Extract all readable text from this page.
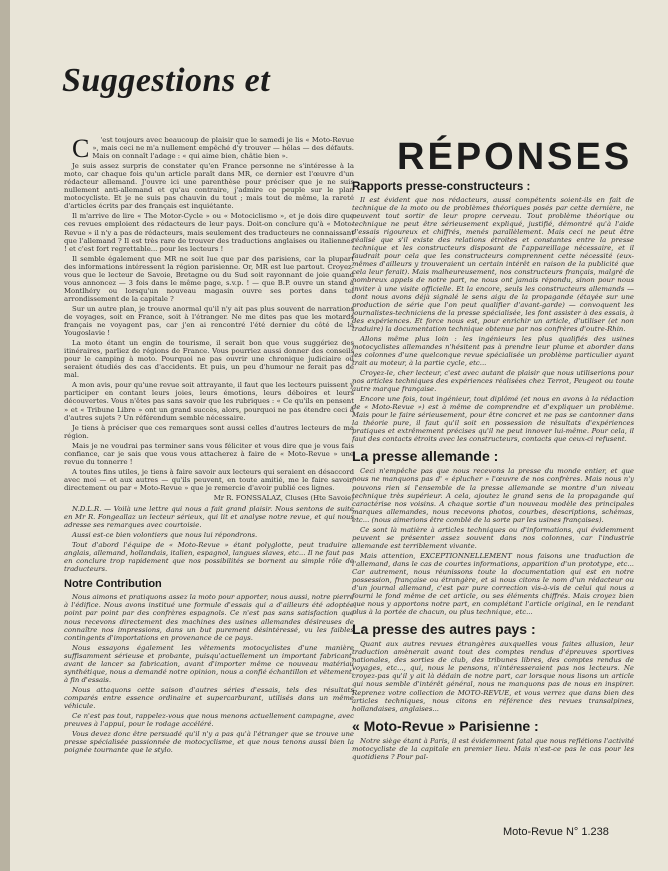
Suggestions et
RÉPONSES

C	'est toujours avec beaucoup de plaisir que le samedi je lis « Moto-Revue », mais ceci ne m'a nullement empêché d'y trouver — hélas — des défauts. Mais on connaît l'adage : « qui aime bien, châtie bien ».

Je suis assez surpris de constater qu'en France personne ne s'intéresse à la moto, car chaque fois qu'un article paraît dans MR, ce dernier est l'œuvre d'un rédacteur allemand. J'ouvre ici une parenthèse pour préciser que je ne suis nullement anti-allemand et qu'au contraire, j'admire ce peuple sur le plan motocycliste. Et je ne suis pas chauvin du tout ; mais tout de même, la rareté d'articles écrits par des français est inquiétante.

Il m'arrive de lire « The Motor-Cycle » ou « Motociclismo », et je dois dire que ces revues emploient des rédacteurs de leur pays. Doit-on conclure qu'à « Moto-Revue » il n'y a pas de rédacteurs, mais seulement des traducteurs ne connaissant que l'allemand ? Il est très rare de trouver des traductions anglaises ou italiennes ! et c'est fort regrettable... pour les lecteurs !

Il semble également que MR ne soit lue que par des parisiens, car la plupart des informations intéressent la région parisienne. Or, MR est lue partout. Croyez-vous que le lecteur de Savoie, Bretagne ou du Sud soit rayonnant de joie quand vous annoncez — 3 fois dans le même page, s.v.p. ! — que B.P. ouvre un stand à Montlhéry ou lorsqu'un nouveau magasin ouvre ses portes dans tel arrondissement de la capitale ?

Sur un autre plan, je trouve anormal qu'il n'y ait pas plus souvent de narrations de voyages, soit en France, soit à l'étranger. Ne me dites pas que les motards français ne voyagent pas, car j'en ai rencontré l'été dernier du côté de la Yougoslavie !

La moto étant un engin de tourisme, il serait bon que vous suggériez des itinéraires, parliez de régions de France. Vous pourriez aussi donner des conseils pour le camping à moto. Pourquoi ne pas ouvrir une chronique judiciaire où seraient étudiés des cas d'accidents. Et puis, un peu d'humour ne ferait pas de mal.

A mon avis, pour qu'une revue soit attrayante, il faut que les lecteurs puissent y participer en contant leurs joies, leurs émotions, leurs déboires et leurs découvertes. Vous n'êtes pas sans savoir que les rubriques : « Ce qu'ils en pensent » et « Tribune Libre » ont un grand succès, alors, pourquoi ne pas étendre ceci à d'autres sujets ? Un référendum semble nécessaire.

Je tiens à préciser que ces remarques sont aussi celles d'autres lecteurs de ma région.

Mais je ne voudrai pas terminer sans vous féliciter et vous dire que je vous fais confiance, car je sais que vous vous attacherez à faire de « Moto-Revue » une revue du tonnerre !

A toutes fins utiles, je tiens à faire savoir aux lecteurs qui seraient en désaccord avec moi — et aux autres — qu'ils peuvent, en toute amitié, me le faire savoir, directement ou par « Moto-Revue » que je remercie d'avoir publié ces lignes.

Mr R. FONSSALAZ, Cluses (Hte Savoie)

N.D.L.R. — Voilà une lettre qui nous a fait grand plaisir. Nous sentons de suite en Mr R. Fongeallaz un lecteur sérieux, qui lit et analyse notre revue, et qui nous adresse ses remarques avec courtoisie.

Aussi est-ce bien volontiers que nous lui répondrons.

Tout d'abord l'équipe de « Moto-Revue » étant polyglotte, peut traduire : anglais, allemand, hollandais, italien, espagnol, langues slaves, etc... Il ne faut pas en conclure trop rapidement que nos possibilités se bornent au simple rôle de traducteurs.

Notre Contribution

Nous aimons et pratiquons assez la moto pour apporter, nous aussi, notre pierre à l'édifice. Nous avons institué une formule d'essais qui a d'ailleurs été adoptée point par point par des confrères espagnols. Ce n'est pas sans satisfaction que nous recevons directement des machines des usines allemandes désireuses de connaître nos impressions, dans un but purement désintéressé, vu les faibles contingents d'importations en provenance de ce pays.

Nous essayons également les vêtements motocyclistes d'une manière suffisamment sérieuse et probante, puisqu'actuellement un important fabricant, avant de lancer sa fabrication, avant d'importer même ce nouveau matériau synthétique, nous a demandé notre opinion, nous a confié échantillon et vêtement, à fin d'essais.

Nous attaquons cette saison d'autres séries d'essais, tels des résultats comparés entre essence ordinaire et supercarburant, utilisés dans un même véhicule.

Ce n'est pas tout, rappelez-vous que nous menons actuellement campagne, avec preuves à l'appui, pour le rodage accéléré.

Vous devez donc être persuadé qu'il n'y a pas qu'à l'étranger que se trouve une presse spécialisée passionnée de motocyclisme, et que nous tenons aussi bien la poignée tournante que le stylo.

Rapports presse-constructeurs :

Il est évident que nos rédacteurs, aussi compétents soient-ils en fait de technique de la moto ou de problèmes théoriques posés par cette dernière, ne peuvent tout sortir de leur propre cerveau. Tout problème théorique ou technique ne peut être sérieusement expliqué, justifié, démontré qu'à l'aide d'essais rigoureux et chiffrés, menés parallèlement. Mais ceci ne peut être réalisé que s'il existe des relations étroites et constantes entre la presse technique et les constructeurs disposant de l'appareillage nécessaire, et il faudrait pour cela que les constructeurs comprennent cette nécessité (eux-mêmes d'ailleurs y trouveraient un certain intérêt en raison de la publicité que cela leur ferait). Mais malheureusement, nos constructeurs français, malgré de nombreux appels de notre part, ne nous ont jamais répondu, sinon pour nous inviter à une visite officielle. Et la encore, seuls les constructeurs allemands — dont nous avons déjà signalé le sens aigu de la propagande (étayée sur une production de série que l'on peut qualifier d'avant-garde) — convoquent les journalistes-techniciens de la presse spécialisée, les font assister à des essais, à des expériences. Et force nous est, pour enrichir un article, d'utiliser (et non traduire) la documentation technique obtenue par nos confrères d'outre-Rhin.

Allons même plus loin : les ingénieurs les plus qualifiés des usines motocyclistes allemandes n'hésitent pas à prendre leur plume et aborder dans les colonnes d'une quelconque revue spécialisée un problème particulier ayant trait au moteur, à la partie cycle, etc...

Croyez-le, cher lecteur, c'est avec autant de plaisir que nous utiliserions pour nos articles techniques des expériences réalisées chez Terrot, Peugeot ou toute autre marque française.

Encore une fois, tout ingénieur, tout diplômé (et nous en avons à la rédaction de « Moto-Revue ») est à même de comprendre et d'expliquer un problème. Mais pour le faire sérieusement, pour être concret et ne pas se cantonner dans la théorie pure, il faut qu'il soit en possession de résultats d'expériences pratiques et extrêmement précises qu'il ne peut innover lui-même. Pour cela, il faut des contacts étroits avec les constructeurs, contacts que ceux-ci refusent.

La presse allemande :

Ceci n'empêche pas que nous recevons la presse du monde entier, et que nous ne manquons pas d' « éplucher » l'œuvre de nos confrères. Mais nous n'y pouvons rien si l'ensemble de la presse allemande se montre d'un niveau technique très supérieur. A cela, ajoutez le grand sens de la propagande qui caractérise nos voisins. A chaque sortie d'un nouveau modèle des principales marques allemandes, nous recevons photos, courbes, descriptions, schémas, etc... (nous aimerions être comblé de la sorte par les usines françaises).

Ce sont là matière à articles techniques ou d'informations, qui évidemment peuvent se présenter assez souvent dans nos colonnes, car l'industrie allemande est terriblement vivante.

Mais attention, EXCEPTIONNELLEMENT nous faisons une traduction de l'allemand, dans le cas de courtes informations, apparition d'un prototype, etc... Car autrement, nous réunissons toute la documentation qui est en notre possession, française ou étrangère, et si nous citons le nom d'un rédacteur ou d'un journal allemand, c'est par pure correction vis-à-vis de celui qui nous a fourni le fond même de cet article, ou ses éléments chiffrés. Mais croyez bien que nous y apportons notre part, en complétant l'article original, en le rendant plus à la portée de chacun, ou plus technique, etc...

La presse des autres pays :

Quant aux autres revues étrangères auxquelles vous faites allusion, leur traduction amènerait avant tout des comptes rendus d'épreuves sportives nationales, des sorties de club, des tribunes libres, des comptes rendus de voyages, etc..., qui, nous le pensons, n'intéresseraient pas nos lecteurs. Ne croyez-pas qu'il y ait là dédain de notre part, car lorsque nous lisons un article qui nous semble d'intérêt général, nous ne manquons pas de nous en inspirer. Reprenez votre collection de MOTO-REVUE, et vous verrez que dans bien des articles techniques, nous citons en référence des revues transalpines, hollandaises, anglaises...

« Moto-Revue » Parisienne :

Notre siège étant à Paris, il est évidemment fatal que nous reflétions l'activité motocycliste de la capitale en premier lieu. Mais n'est-ce pas le cas pour les quotidiens ? Pour pal-

Moto-Revue N° 1.238
